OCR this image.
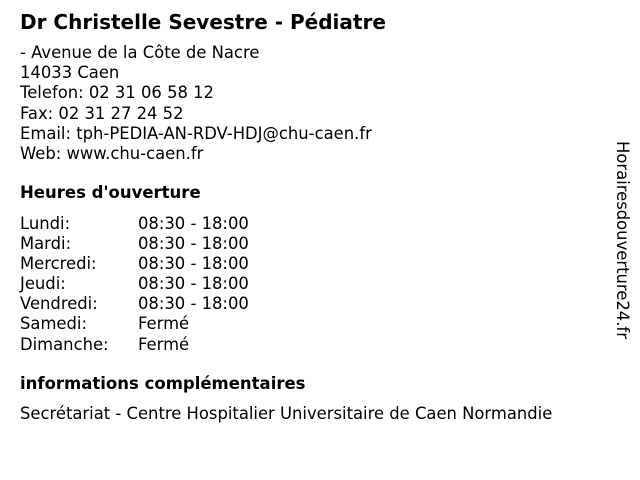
Dr Christelle Sevestre - Pédiatre
- Avenue de la Côte de Nacre
14033 Caen
Telefon: 02 31 06 58 12
Fax: 02 31 27 24 52
Email: tph-PEDIA-AN-RDV-HDJ@chu-caen.fr
Web: www.chu-caen.fr
Heures d'ouverture
Lundi:	08:30 - 18:00
Mardi:	08:30 - 18:00
Mercredi:	08:30 - 18:00
Jeudi:	08:30 - 18:00
Vendredi: 08:30 - 18:00
Samedi:	Fermé
Dimanche: Fermé
informations complémentaires
Secrétariat - Centre Hospitalier Universitaire de Caen Normandie
Horairesdouverture24.fr
